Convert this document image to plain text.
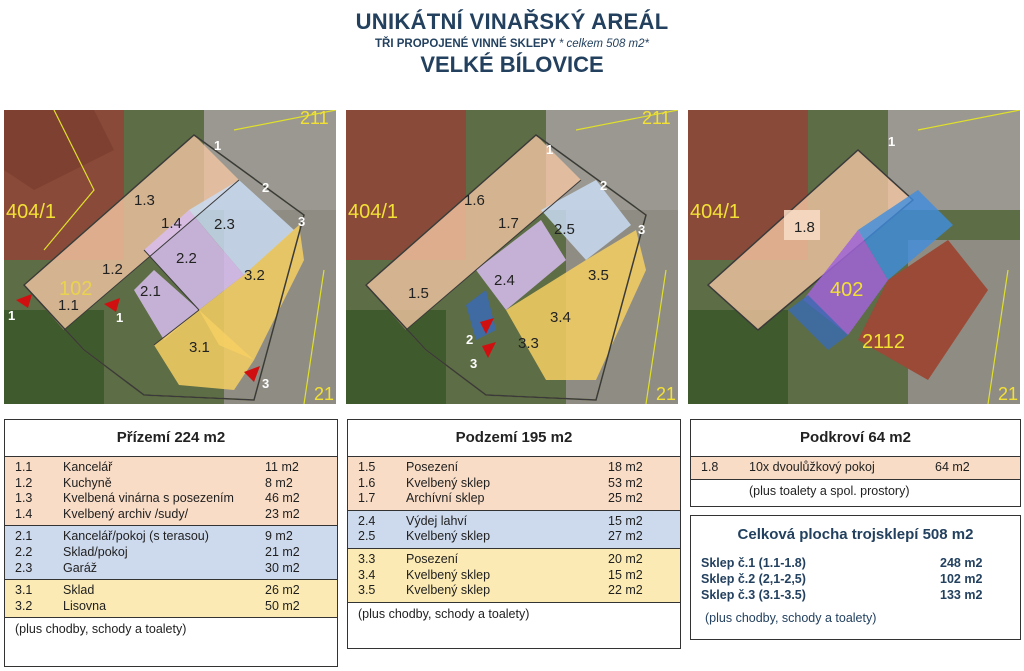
UNIKÁTNÍ VINAŘSKÝ AREÁL
TŘI PROPOJENÉ VINNÉ SKLEPY * celkem 508 m2*
VELKÉ BÍLOVICE
404/1
102
211
21
1.3
1.4 2.3
1.2
2.2
3.2
2.1
1.1
3.1
1
2
3
1	1
3
404/1
211
21
1.6
1.7 2.5
1.5
2.4	3.5
3.4
3.3
1
2
3
2
3
404/1
402
2112
21
1.8
1
Přízemí 224 m2
1.1	Kancelář	11 m2
1.2	Kuchyně	8 m2
1.3	Kvelbená vinárna s posezením	46 m2
1.4	Kvelbený archiv /sudy/	23 m2
2.1	Kancelář/pokoj (s terasou)	9 m2
2.2	Sklad/pokoj	21 m2
2.3	Garáž	30 m2
3.1	Sklad	26 m2
3.2	Lisovna	50 m2
(plus chodby, schody a toalety)
Podzemí 195 m2
1.5	Posezení	18 m2
1.6	Kvelbený sklep	53 m2
1.7	Archívní sklep	25 m2
2.4	Výdej lahví	15 m2
2.5	Kvelbený sklep	27 m2
3.3	Posezení	20 m2
3.4	Kvelbený sklep	15 m2
3.5	Kvelbený sklep	22 m2
(plus chodby, schody a toalety)
Podkroví 64 m2
1.8	10x dvoulůžkový pokoj	64 m2
(plus toalety a spol. prostory)
Celková plocha trojsklepí 508 m2
Sklep č.1 (1.1-1.8)	248 m2
Sklep č.2 (2,1-2,5)	102 m2
Sklep č.3 (3.1-3.5)	133 m2
(plus chodby, schody a toalety)
